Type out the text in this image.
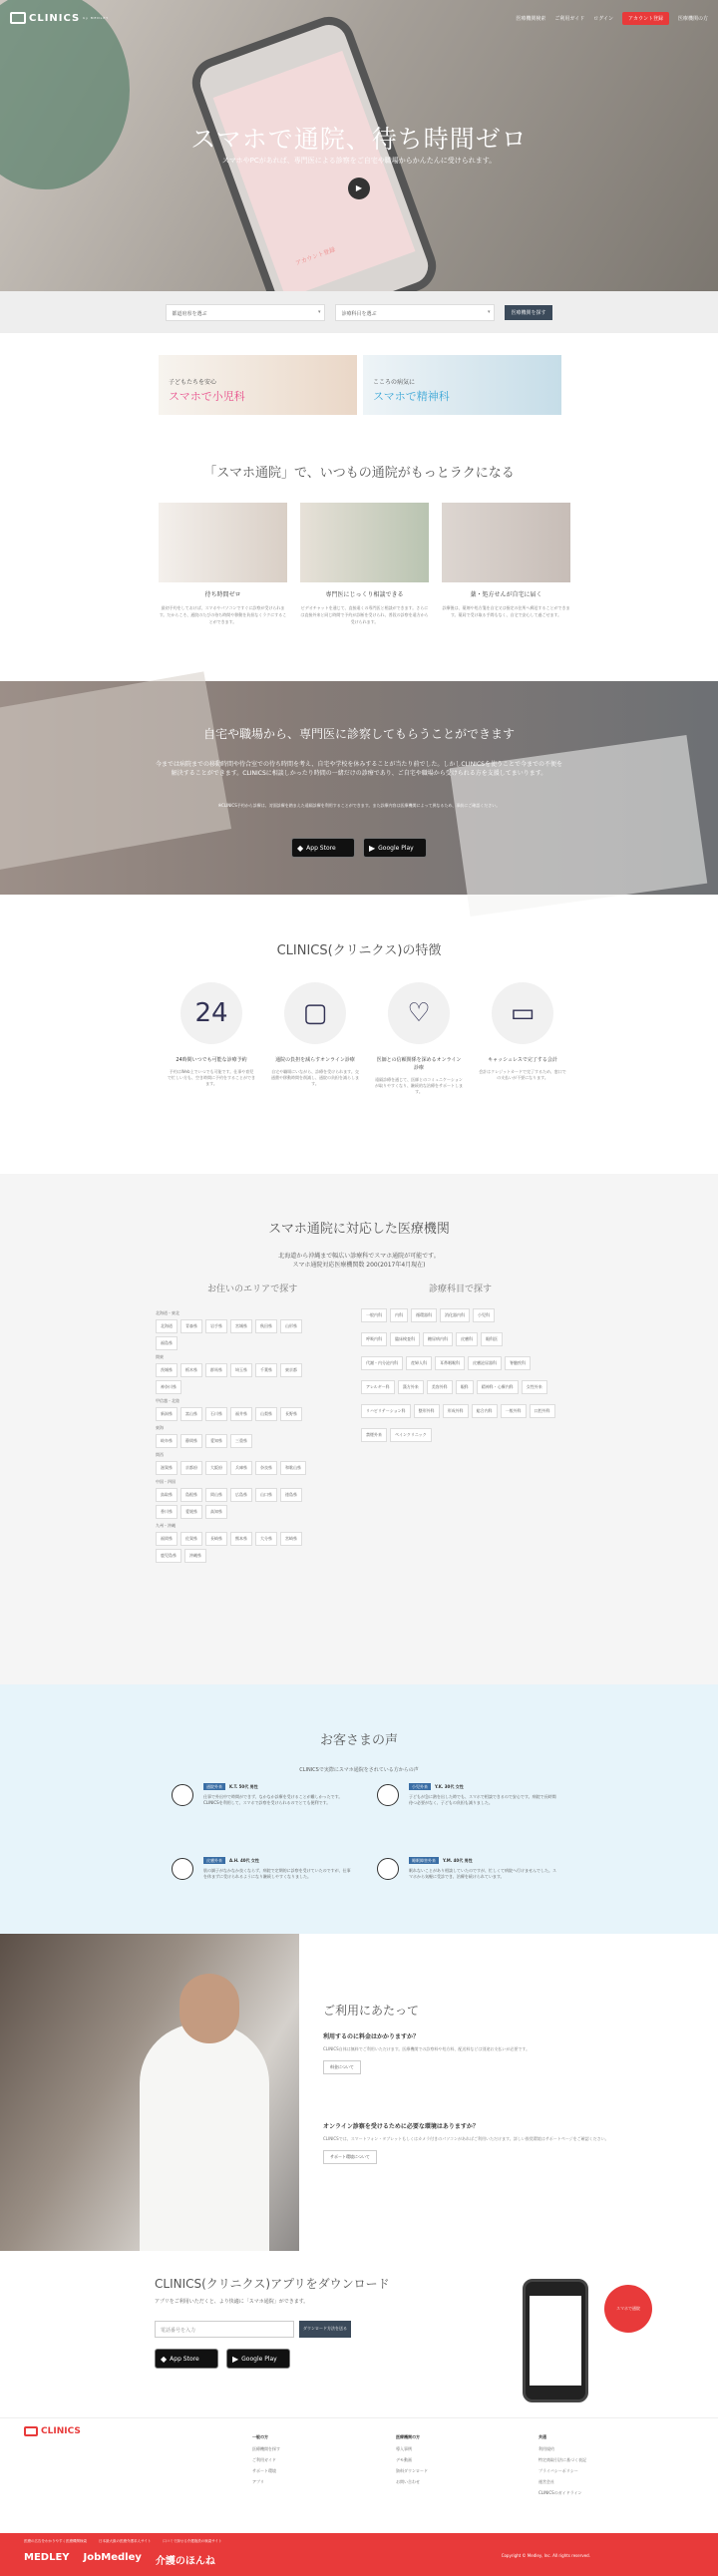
CLINICS by MEDLEY	医療機関検索 ご利用ガイド ログイン	アカウント登録	医療機関の方
スマホで通院、待ち時間ゼロ
スマホやPCがあれば、専門医による診察をご自宅や職場からかんたんに受けられます。
▶
アカウント登録
都道府県を選ぶ ▾	診療科目を選ぶ ▾	医療機関を探す
子どもたちを安心
スマホで小児科
こころの病気に
スマホで精神科
「スマホ通院」で、いつもの通院がもっとラクになる
待ち時間ゼロ

最初予約をしておけば、スマホやパソコンですぐに診察が受けられます。だからこそ、通院のたびの待ち時間や移動を負担なくラクにすることができます。

専門医にじっくり相談できる

ビデオチャットを通じて、直接遠くの専門医と相談ができます。さらには直接外来と同じ時間で予約が診断を受けられ、普段の診察を遠方から受けられます。

薬・処方せんが自宅に届く

診療後は、薬剤や処方箋を自宅又は指定の住所へ郵送することができます。薬局で受け取る手間もなく、自宅で安心して過ごせます。

自宅や職場から、専門医に診察してもらうことができます
今までは病院までの移動時間や待合室での待ち時間を考え、自宅や学校を休みすることが当たり前でした。しかしCLINICSを使うことで今までの不便を解決することができます。CLINICSに相談しかったり時間の一緒だけの診療であり、ご自宅や職場から受けられる方を支援してまいります。
※CLINICS予約から診療は、対面診療を踏まえた遠隔診療を利用することができます。また診療内容は医療機関によって異なるため、事前にご確認ください。
◆ App Store	▶ Google Play
CLINICS(クリニクス)の特徴
24
24時間いつでも可能な診療予約

予約はWeb上でいつでも可能です。仕事や育児で忙しい方も、空き時間に予約をすることができます。

▢
通院の負担を減らすオンライン診療

自宅や職場にいながら、診療を受けられます。交通費や移動時間を削減し、通院の負担を減らします。

♡
医師との信頼関係を深めるオンライン診療

遠隔診療を通じて、医師とのコミュニケーションが取りやすくなり、継続的な治療をサポートします。

▭
キャッシュレスで完了する会計

会計はクレジットカードで完了するため、窓口での支払いが不要になります。

スマホ通院に対応した医療機関
北海道から沖縄まで幅広い診療科でスマホ通院が可能です。
スマホ通院対応医療機関数 200(2017年4月現在)
お住いのエリアで探す	診療科目で探す
北海道・東北
北海道	青森県	岩手県	宮城県	秋田県	山形県
福島県
関東
茨城県	栃木県	群馬県	埼玉県	千葉県	東京都
神奈川県
甲信越・北陸
新潟県	富山県	石川県	福井県	山梨県	長野県
東海
岐阜県	静岡県	愛知県	三重県
関西
滋賀県	京都府	大阪府	兵庫県	奈良県	和歌山県
中国・四国
鳥取県	島根県	岡山県	広島県	山口県	徳島県
香川県	愛媛県	高知県
九州・沖縄
福岡県	佐賀県	長崎県	熊本県	大分県	宮崎県
鹿児島県	沖縄県
一般内科	内科	循環器科	消化器内科	小児科
呼吸内科	臨床検査科	糖尿病内科	皮膚科	眼科医
代謝・内分泌内科	産婦人科	耳鼻咽喉科	皮膚泌尿器科	脊髄疾科
アレルギー科	漢方外来	美容外科	眼科	精神科・心療内科	女性外来
リハビリテーション科	整形外科	形成外科	総合内科	一般外科	口腔外科
禁煙外来	ペインクリニック
お客さまの声
CLINICSで実際にスマホ通院をされている方からの声
通院外来 K.T. 50代 男性
仕事で外出中で時間ができず、なかなか診療を受けることが難しかったです。CLINICSを利用して、スマホで診察を受けられるのでとても便利です。
小児外来 Y.K. 30代 女性
子どもが急に熱を出した時でも、スマホで相談できるので安心です。病院で長時間待つ必要がなく、子どもの負担も減りました。
皮膚外来 A.H. 40代 女性
肌の調子がなかなか良くならず、病院で定期的に診察を受けていたのですが、仕事を休まずに受けられるようになり継続しやすくなりました。
睡眠障害外来 Y.M. 40代 男性
眠れないことがあり相談していたのですが、忙しくて病院へ行けませんでした。スマホから気軽に受診でき、治療を続けられています。
ご利用にあたって
利用するのに料金はかかりますか？

CLINICS自体は無料でご利用いただけます。医療機関での診察料や処方料、配送料などは別途お支払いが必要です。

料金について
オンライン診察を受けるために必要な環境はありますか？

CLINICSでは、スマートフォン・タブレットもしくはカメラ付きのパソコンがあればご利用いただけます。詳しい推奨環境はサポートページをご確認ください。

サポート環境について
CLINICS(クリニクス)アプリをダウンロード
アプリをご利用いただくと、より快適に「スマホ通院」ができます。
電話番号を入力	ダウンロード方法を送る
◆ App Store	▶ Google Play
スマホで通院
CLINICS
一般の方
医療機関を探す
ご利用ガイド
サポート環境
アプリ
医療機関の方
導入事例
デモ動画
資料ダウンロード
お問い合わせ
共通
利用規約
特定商取引法に基づく表記
プライバシーポリシー
運営会社
CLINICSのガイドライン
医療の広告をわかりやすく医療機関検索	日本最大級の医療介護求人サイト	口コミで探せる介護施設の検索サイト
MEDLEY JobMedley 介護のほんね
Copyright © Medley, Inc. All rights reserved.
